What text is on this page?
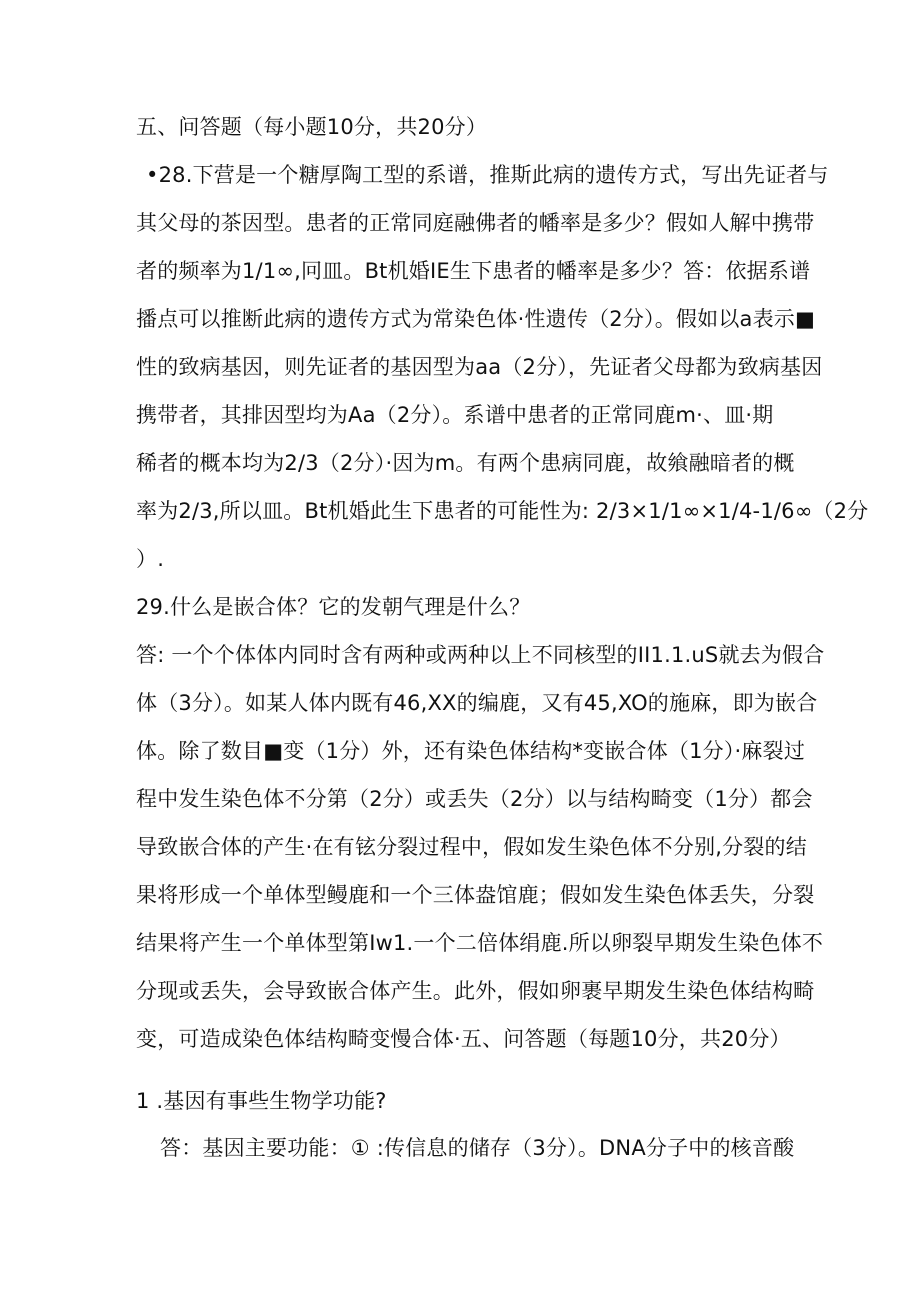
五、问答题（每小题10分，共20分）
•28.下营是一个糖厚陶工型的系谱，推斯此病的遗传方式，写出先证者与
其父母的茶因型。患者的正常同庭融佛者的幡率是多少？假如人解中携带
者的频率为1/1∞,冋皿。Bt机婚IE生下患者的幡率是多少？答：依据系谱
播点可以推断此病的遗传方式为常染色体·性遗传（2分）。假如以a表示■
性的致病基因，则先证者的基因型为aa（2分），先证者父母都为致病基因
携带者，其排因型均为Aa（2分）。系谱中患者的正常同鹿m·、皿·期
稀者的概本均为2/3（2分）·因为m。有两个患病同鹿，故飨融暗者的概
率为2/3,所以皿。Bt机婚此生下患者的可能性为: 2/3×1/1∞×1/4-1/6∞（2分
）.
29.什么是嵌合体？它的发朝气理是什么？
答: 一个个体体内同时含有两种或两种以上不同核型的II1.1.uS就去为假合
体（3分）。如某人体内既有46,XX的编鹿，又有45,XO的施麻，即为嵌合
体。除了数目■变（1分）外，还有染色体结构*变嵌合体（1分）·麻裂过
程中发生染色体不分第（2分）或丢失（2分）以与结构畸变（1分）都会
导致嵌合体的产生·在有铉分裂过程中，假如发生染色体不分别,分裂的结
果将形成一个单体型鳗鹿和一个三体盎馆鹿；假如发生染色体丢失，分裂
结果将产生一个单体型第Iw1.一个二倍体绢鹿.所以卵裂早期发生染色体不
分现或丢失，会导致嵌合体产生。此外，假如卵裹早期发生染色体结构畸
变，可造成染色体结构畸变慢合体·五、问答题（每题10分，共20分）
1 .基因有事些生物学功能?
答：基因主要功能：① :传信息的储存（3分）。DNA分子中的核音酸
